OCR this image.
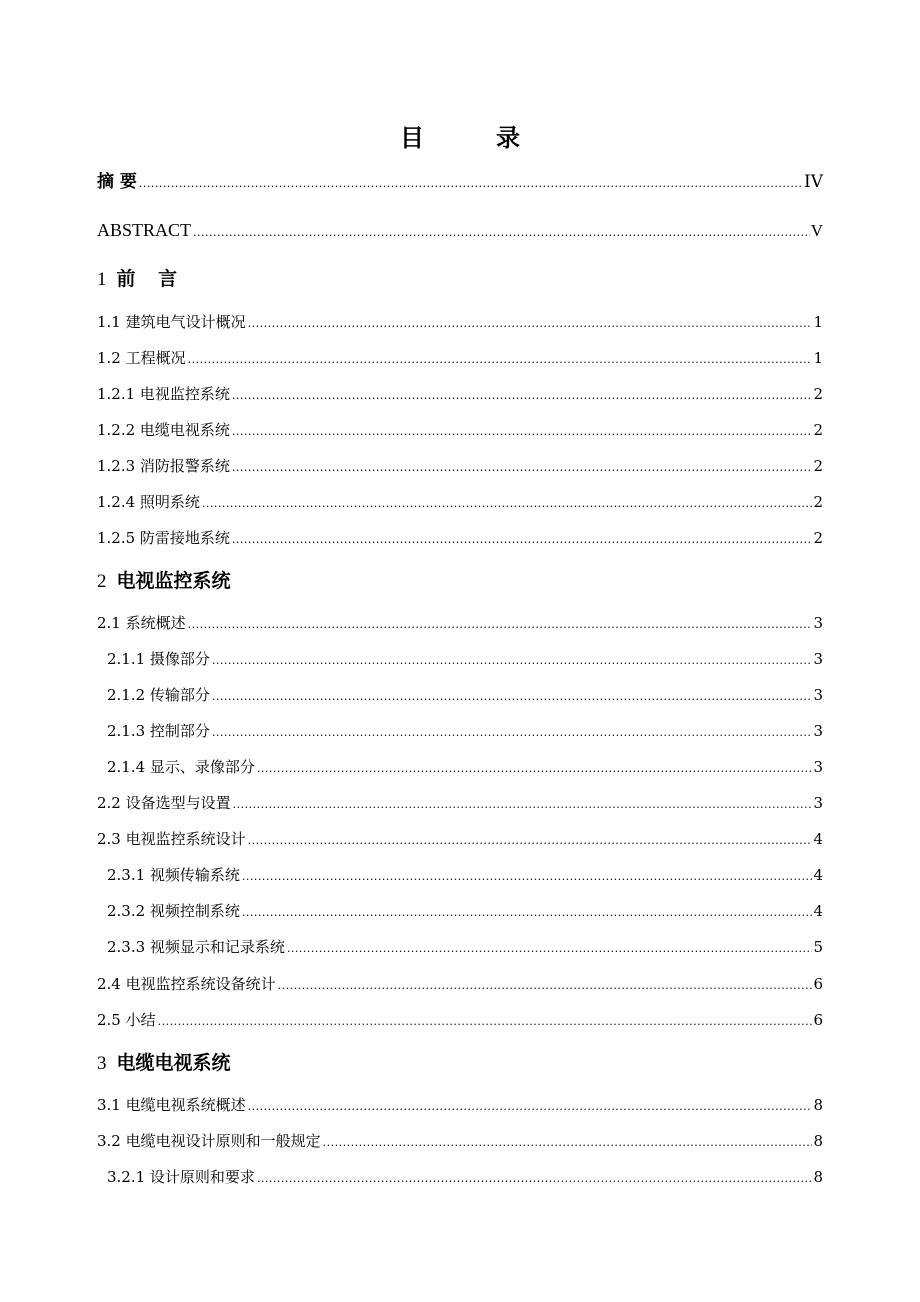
目　录
摘 要 .....	IV
ABSTRACT .....	V
1 前 言
1.1 建筑电气设计概况 .....	1
1.2 工程概况 .....	1
1.2.1 电视监控系统 .....	2
1.2.2 电缆电视系统 .....	2
1.2.3 消防报警系统 .....	2
1.2.4 照明系统 .....	2
1.2.5 防雷接地系统 .....	2
2 电视监控系统
2.1 系统概述 .....	3
2.1.1 摄像部分 .....	3
2.1.2 传输部分 .....	3
2.1.3 控制部分 .....	3
2.1.4 显示、录像部分 .....	3
2.2 设备选型与设置 .....	3
2.3 电视监控系统设计 .....	4
2.3.1 视频传输系统 .....	4
2.3.2 视频控制系统 .....	4
2.3.3 视频显示和记录系统 .....	5
2.4 电视监控系统设备统计 .....	6
2.5 小结 .....	6
3 电缆电视系统
3.1 电缆电视系统概述 .....	8
3.2 电缆电视设计原则和一般规定 .....	8
3.2.1 设计原则和要求 .....	8
